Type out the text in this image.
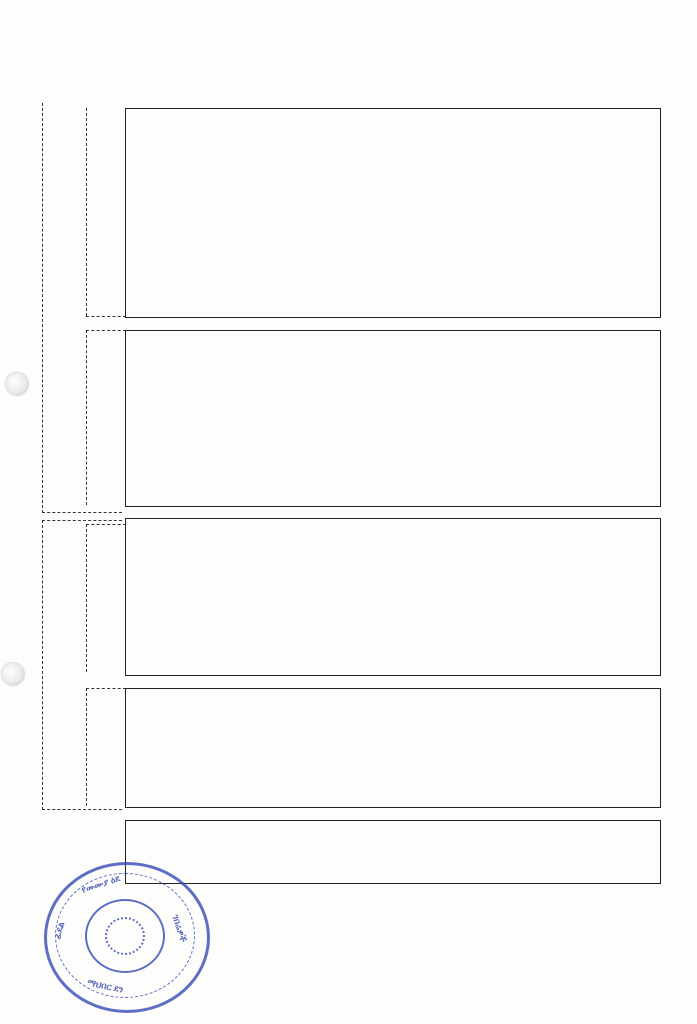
የመሙያ ዕደ
ፊደል	ገበሬዎች
ማህበር ደን
